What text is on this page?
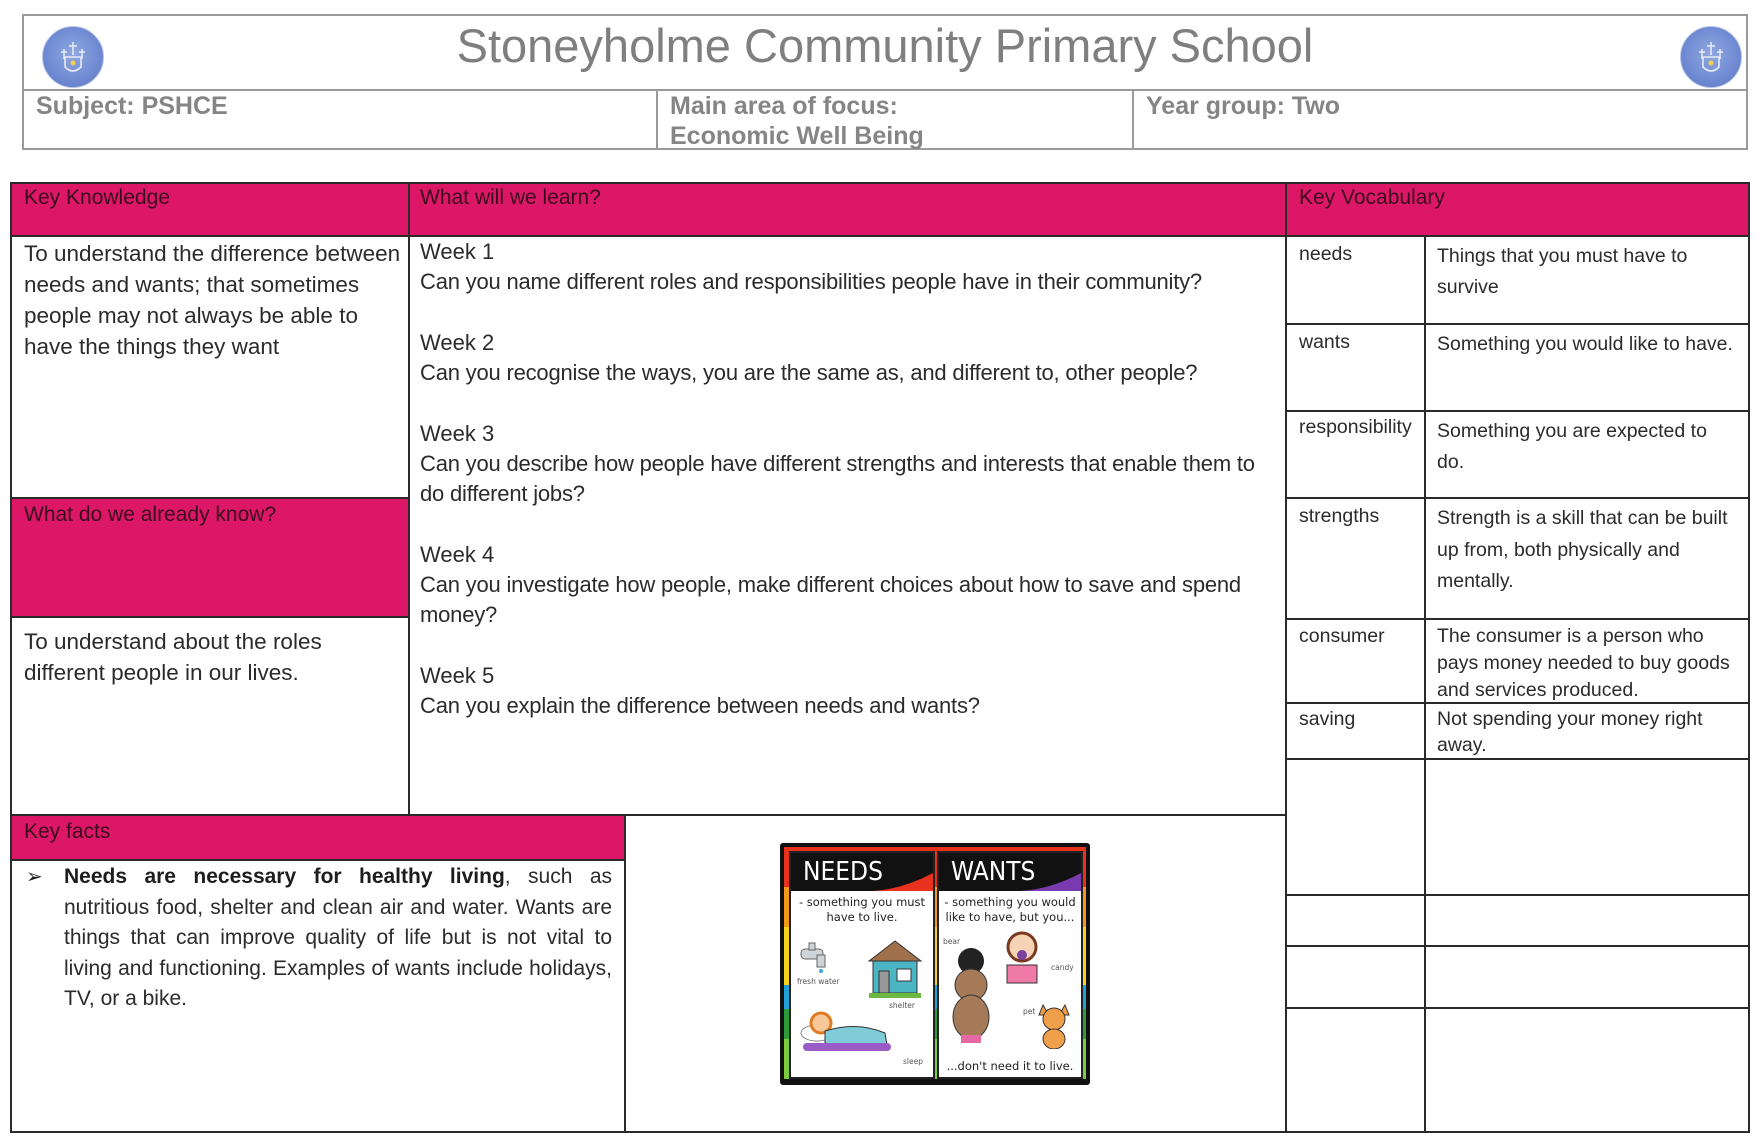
Stoneyholme Community Primary School
Subject: PSHCE	Main area of focus:
Economic Well Being
Year group: Two
Key Knowledge	What will we learn?	Key Vocabulary
What do we already know?
Key facts
To understand the difference between needs and wants; that sometimes people may not always be able to have the things they want
To understand about the roles different people in our lives.
Week 1
Can you name different roles and responsibilities people have in their community?
Week 2
Can you recognise the ways, you are the same as, and different to, other people?
Week 3
Can you describe how people have different strengths and interests that enable them to do different jobs?
Week 4
Can you investigate how people, make different choices about how to save and spend money?
Week 5
Can you explain the difference between needs and wants?
needs	Things that you must have to survive
wants	Something you would like to have.
responsibility Something you are expected to do.
strengths	Strength is a skill that can be built up from, both physically and mentally.
consumer	The consumer is a person who pays money needed to buy goods and services produced.
saving	Not spending your money right away.
➢ Needs are necessary for healthy living, such as nutritious food, shelter and clean air and water. Wants are things that can improve quality of life but is not vital to living and functioning. Examples of wants include holidays, TV, or a bike.
NEEDS
- something you must have to live.
fresh water
shelter
sleep
WANTS
- something you would like to have, but you...
bear
candy
pet
...don't need it to live.
